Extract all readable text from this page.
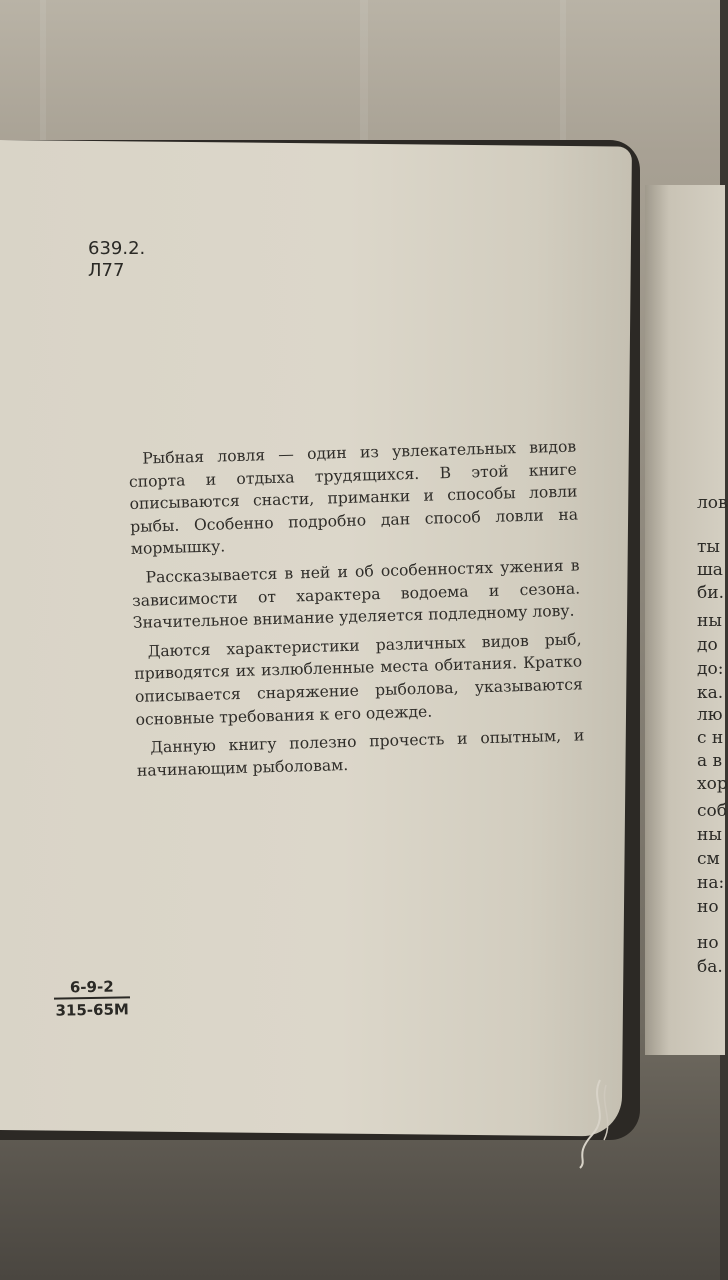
лов
ты
ша
би.
ны
до
до:
ка.
лю
с н
а в
хор
соб
ны
см
на:
но
но
ба.
639.2.
Л77

Рыбная ловля — один из увлекательных видов спорта и отдыха трудящихся. В этой книге описываются снасти, приманки и способы ловли рыбы. Особенно подробно дан способ ловли на мормышку.

Рассказывается в ней и об особенностях ужения в зависимости от характера водоема и сезона. Значительное внимание уделяется подледному лову.

Даются характеристики различных видов рыб, приводятся их излюбленные места обитания. Кратко описывается снаряжение рыболова, указываются основные требования к его одежде.

Данную книгу полезно прочесть и опытным, и начинающим рыболовам.

6-9-2
315-65М
